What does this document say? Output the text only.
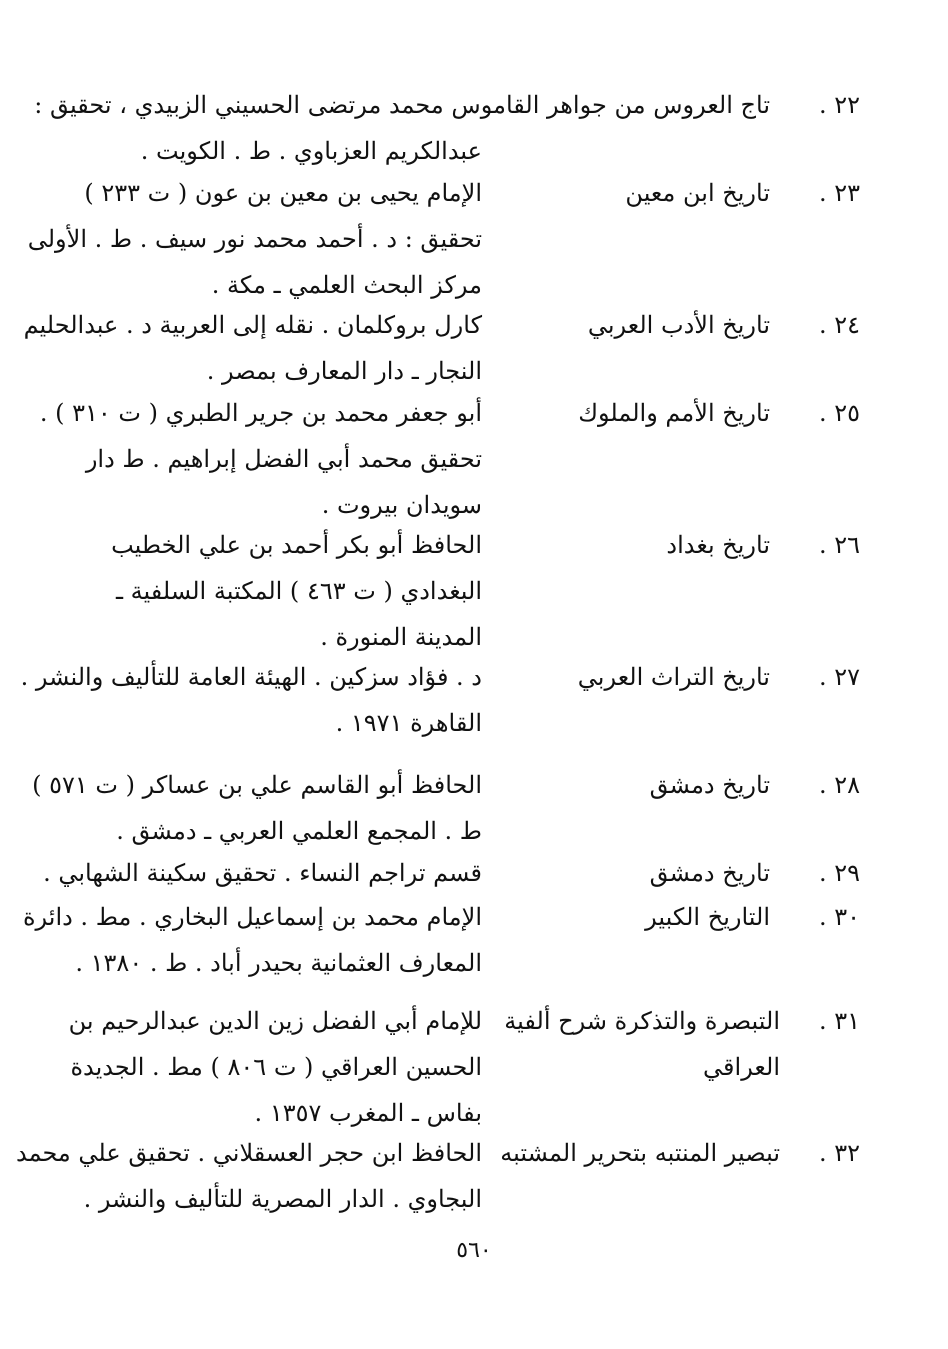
٢٢ .
تاج العروس من جواهر القاموس محمد مرتضى الحسيني الزبيدي ، تحقيق :
عبدالكريم العزباوي . ط . الكويت .
٢٣ .
تاريخ ابن معين
الإمام يحيى بن معين بن عون ( ت ٢٣٣ )
تحقيق : د . أحمد محمد نور سيف . ط . الأولى
مركز البحث العلمي ـ مكة .
٢٤ .
تاريخ الأدب العربي
كارل بروكلمان . نقله إلى العربية د . عبدالحليم
النجار ـ دار المعارف بمصر .
٢٥ .
تاريخ الأمم والملوك
أبو جعفر محمد بن جرير الطبري ( ت ٣١٠ ) .
تحقيق محمد أبي الفضل إبراهيم . ط دار
سويدان بيروت .
٢٦ .
تاريخ بغداد
الحافظ أبو بكر أحمد بن علي الخطيب
البغدادي ( ت ٤٦٣ ) المكتبة السلفية ـ
المدينة المنورة .
٢٧ .
تاريخ التراث العربي
د . فؤاد سزكين . الهيئة العامة للتأليف والنشر .
القاهرة ١٩٧١ .
٢٨ .
تاريخ دمشق
الحافظ أبو القاسم علي بن عساكر ( ت ٥٧١ )
ط . المجمع العلمي العربي ـ دمشق .
٢٩ .
تاريخ دمشق
قسم تراجم النساء . تحقيق سكينة الشهابي .
٣٠ .
التاريخ الكبير
الإمام محمد بن إسماعيل البخاري . مط . دائرة
المعارف العثمانية بحيدر أباد . ط . ١٣٨٠ .
٣١ .
التبصرة والتذكرة شرح ألفية العراقي
للإمام أبي الفضل زين الدين عبدالرحيم بن
الحسين العراقي ( ت ٨٠٦ ) مط . الجديدة
بفاس ـ المغرب ١٣٥٧ .
٣٢ .
تبصير المنتبه بتحرير المشتبه
الحافظ ابن حجر العسقلاني . تحقيق علي محمد
البجاوي . الدار المصرية للتأليف والنشر .
٥٦٠
